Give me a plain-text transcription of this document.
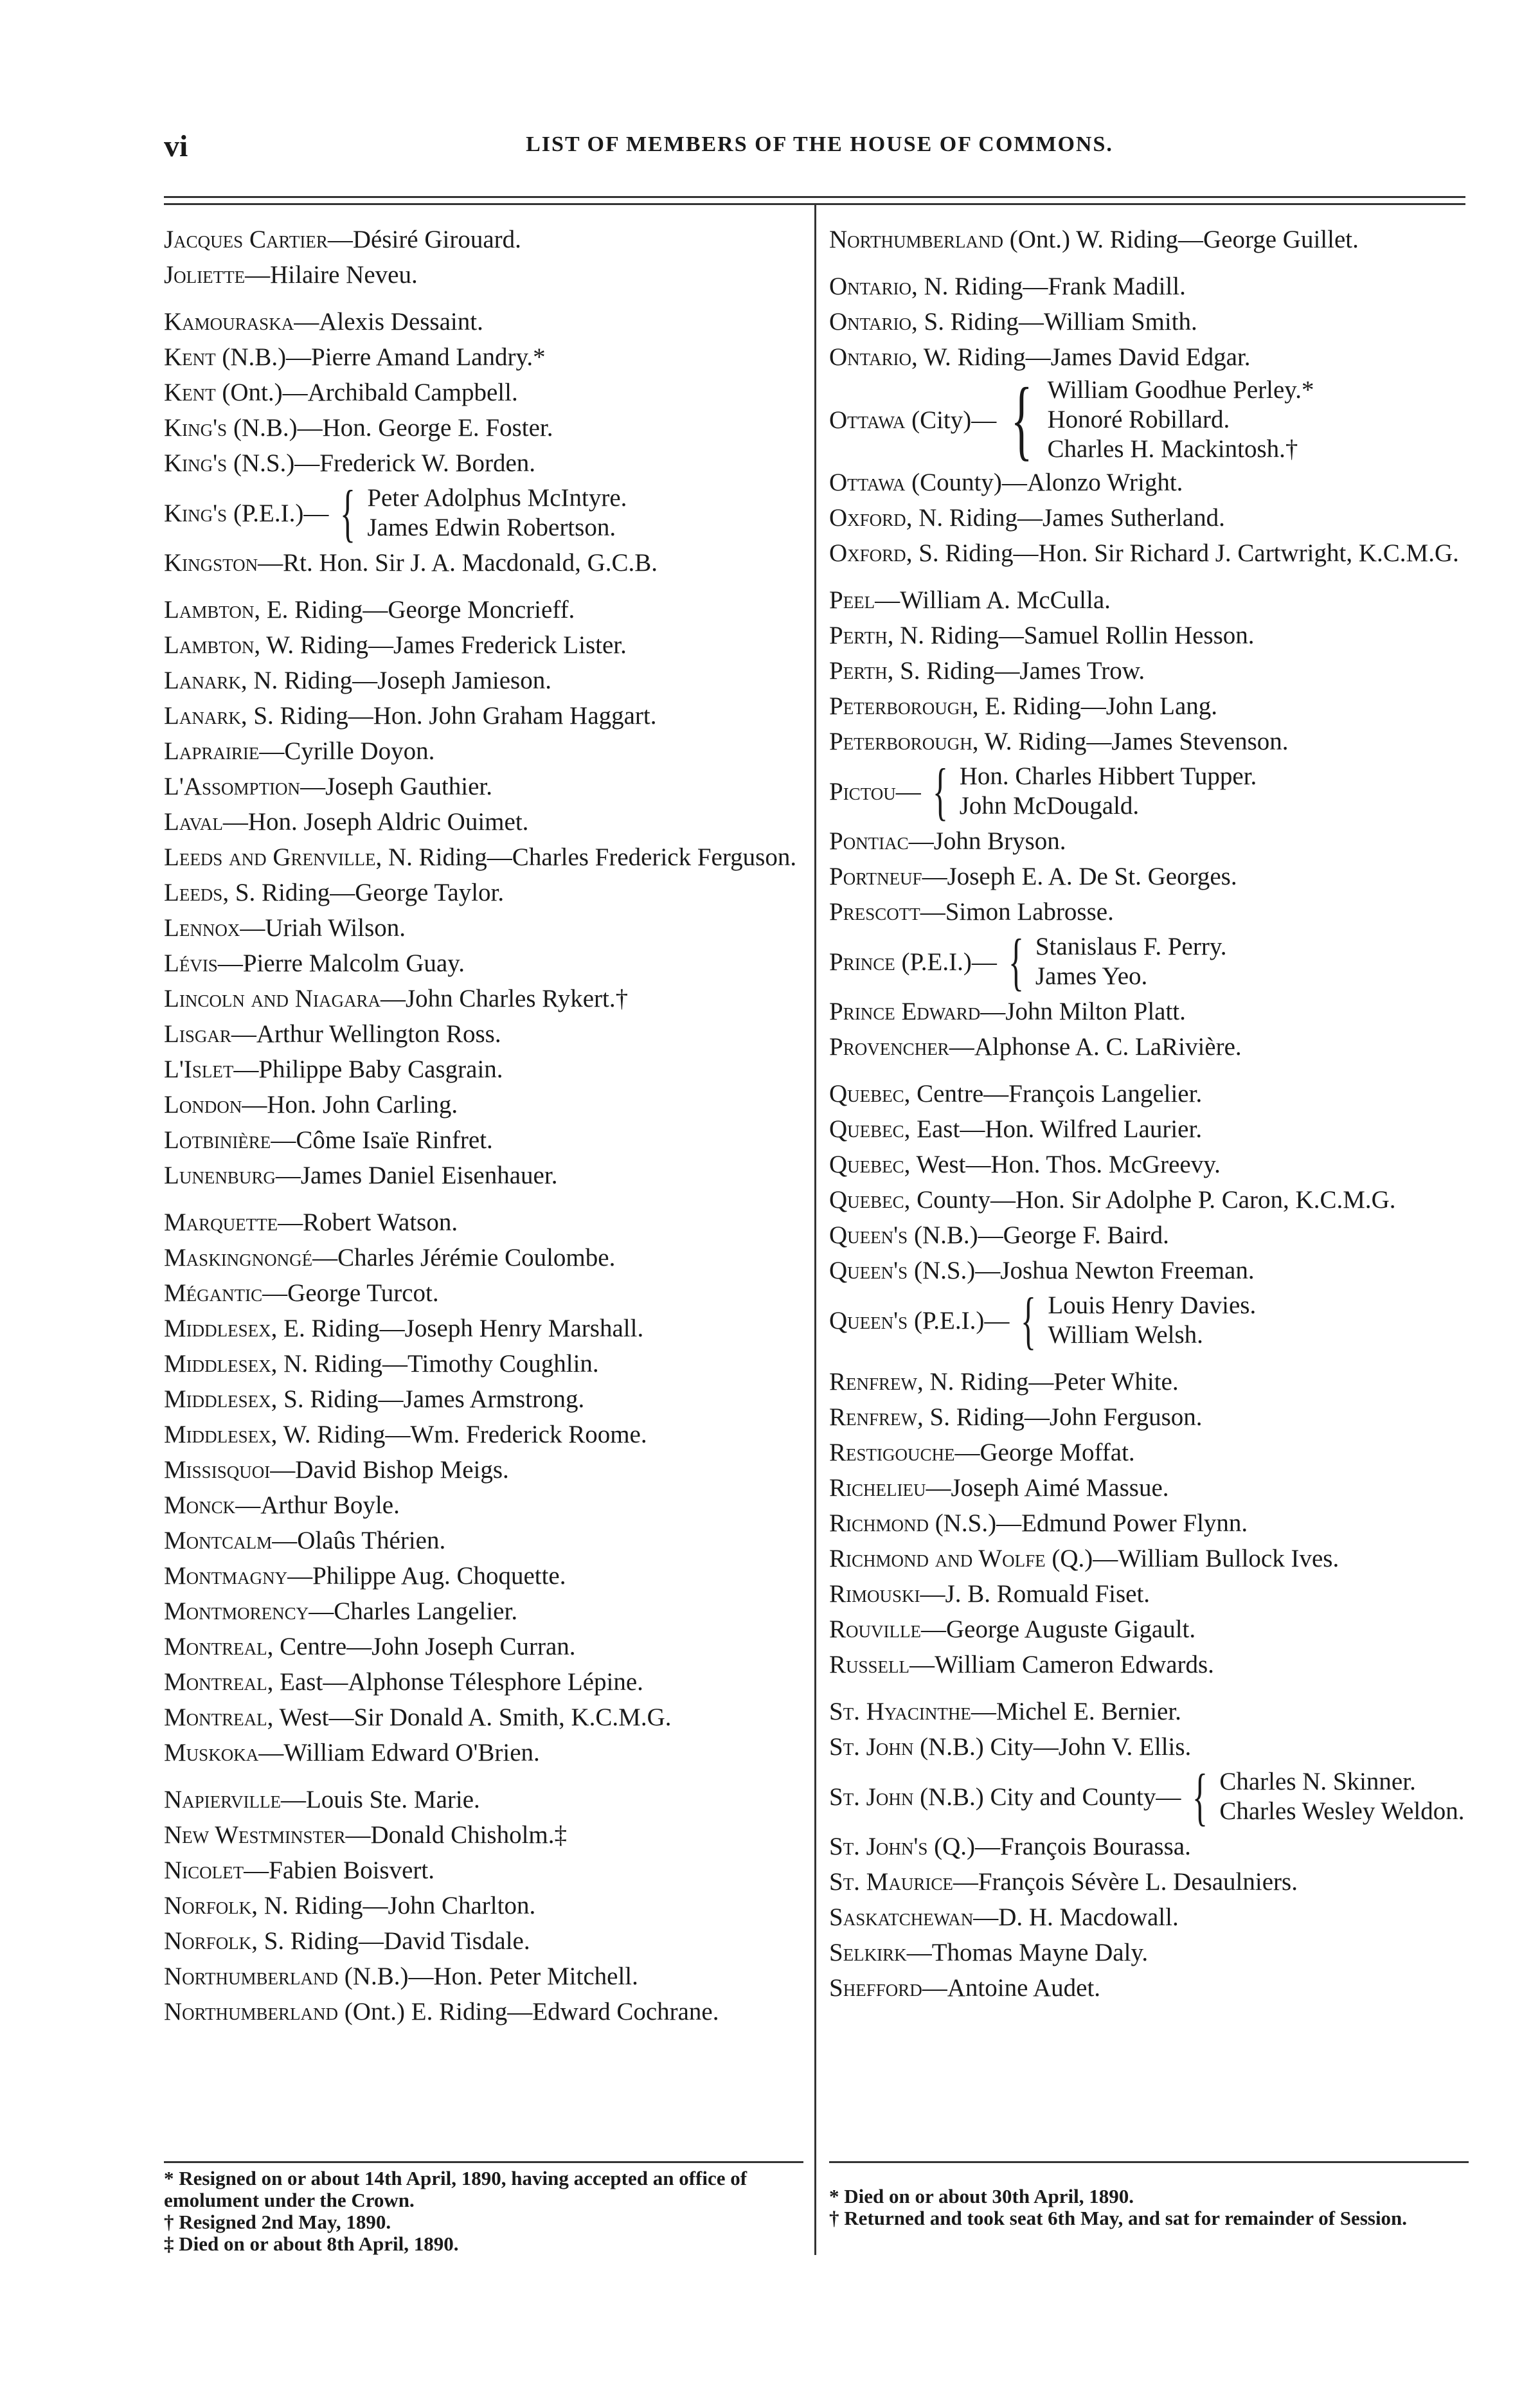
vi	LIST OF MEMBERS OF THE HOUSE OF COMMONS.
Jacques Cartier—Désiré Girouard.
Joliette—Hilaire Neveu.
Kamouraska—Alexis Dessaint.
Kent (N.B.)—Pierre Amand Landry.*
Kent (Ont.)—Archibald Campbell.
King's (N.B.)—Hon. George E. Foster.
King's (N.S.)—Frederick W. Borden.
King's (P.E.I.)— { Peter Adolphus McIntyre.
James Edwin Robertson.
Kingston—Rt. Hon. Sir J. A. Macdonald, G.C.B.
Lambton, E. Riding—George Moncrieff.
Lambton, W. Riding—James Frederick Lister.
Lanark, N. Riding—Joseph Jamieson.
Lanark, S. Riding—Hon. John Graham Haggart.
Laprairie—Cyrille Doyon.
L'Assomption—Joseph Gauthier.
Laval—Hon. Joseph Aldric Ouimet.
Leeds and Grenville, N. Riding—Charles Frederick Ferguson.
Leeds, S. Riding—George Taylor.
Lennox—Uriah Wilson.
Lévis—Pierre Malcolm Guay.
Lincoln and Niagara—John Charles Rykert.†
Lisgar—Arthur Wellington Ross.
L'Islet—Philippe Baby Casgrain.
London—Hon. John Carling.
Lotbinière—Côme Isaïe Rinfret.
Lunenburg—James Daniel Eisenhauer.
Marquette—Robert Watson.
Maskingnongé—Charles Jérémie Coulombe.
Mégantic—George Turcot.
Middlesex, E. Riding—Joseph Henry Marshall.
Middlesex, N. Riding—Timothy Coughlin.
Middlesex, S. Riding—James Armstrong.
Middlesex, W. Riding—Wm. Frederick Roome.
Missisquoi—David Bishop Meigs.
Monck—Arthur Boyle.
Montcalm—Olaûs Thérien.
Montmagny—Philippe Aug. Choquette.
Montmorency—Charles Langelier.
Montreal, Centre—John Joseph Curran.
Montreal, East—Alphonse Télesphore Lépine.
Montreal, West—Sir Donald A. Smith, K.C.M.G.
Muskoka—William Edward O'Brien.
Napierville—Louis Ste. Marie.
New Westminster—Donald Chisholm.‡
Nicolet—Fabien Boisvert.
Norfolk, N. Riding—John Charlton.
Norfolk, S. Riding—David Tisdale.
Northumberland (N.B.)—Hon. Peter Mitchell.
Northumberland (Ont.) E. Riding—Edward Cochrane.
Northumberland (Ont.) W. Riding—George Guillet.
Ontario, N. Riding—Frank Madill.
Ontario, S. Riding—William Smith.
Ontario, W. Riding—James David Edgar.
Ottawa (City)— { William Goodhue Perley.*
Honoré Robillard.
Charles H. Mackintosh.†
Ottawa (County)—Alonzo Wright.
Oxford, N. Riding—James Sutherland.
Oxford, S. Riding—Hon. Sir Richard J. Cartwright, K.C.M.G.
Peel—William A. McCulla.
Perth, N. Riding—Samuel Rollin Hesson.
Perth, S. Riding—James Trow.
Peterborough, E. Riding—John Lang.
Peterborough, W. Riding—James Stevenson.
Pictou— { Hon. Charles Hibbert Tupper.
John McDougald.
Pontiac—John Bryson.
Portneuf—Joseph E. A. De St. Georges.
Prescott—Simon Labrosse.
Prince (P.E.I.)— { Stanislaus F. Perry.
James Yeo.
Prince Edward—John Milton Platt.
Provencher—Alphonse A. C. LaRivière.
Quebec, Centre—François Langelier.
Quebec, East—Hon. Wilfred Laurier.
Quebec, West—Hon. Thos. McGreevy.
Quebec, County—Hon. Sir Adolphe P. Caron, K.C.M.G.
Queen's (N.B.)—George F. Baird.
Queen's (N.S.)—Joshua Newton Freeman.
Queen's (P.E.I.)— { Louis Henry Davies.
William Welsh.
Renfrew, N. Riding—Peter White.
Renfrew, S. Riding—John Ferguson.
Restigouche—George Moffat.
Richelieu—Joseph Aimé Massue.
Richmond (N.S.)—Edmund Power Flynn.
Richmond and Wolfe (Q.)—William Bullock Ives.
Rimouski—J. B. Romuald Fiset.
Rouville—George Auguste Gigault.
Russell—William Cameron Edwards.
St. Hyacinthe—Michel E. Bernier.
St. John (N.B.) City—John V. Ellis.
St. John (N.B.) City and County— { Charles N. Skinner.
Charles Wesley Weldon.
St. John's (Q.)—François Bourassa.
St. Maurice—François Sévère L. Desaulniers.
Saskatchewan—D. H. Macdowall.
Selkirk—Thomas Mayne Daly.
Shefford—Antoine Audet.
* Resigned on or about 14th April, 1890, having accepted an office of emolument under the Crown.
† Resigned 2nd May, 1890.
‡ Died on or about 8th April, 1890.
* Died on or about 30th April, 1890.
† Returned and took seat 6th May, and sat for remainder of Session.
